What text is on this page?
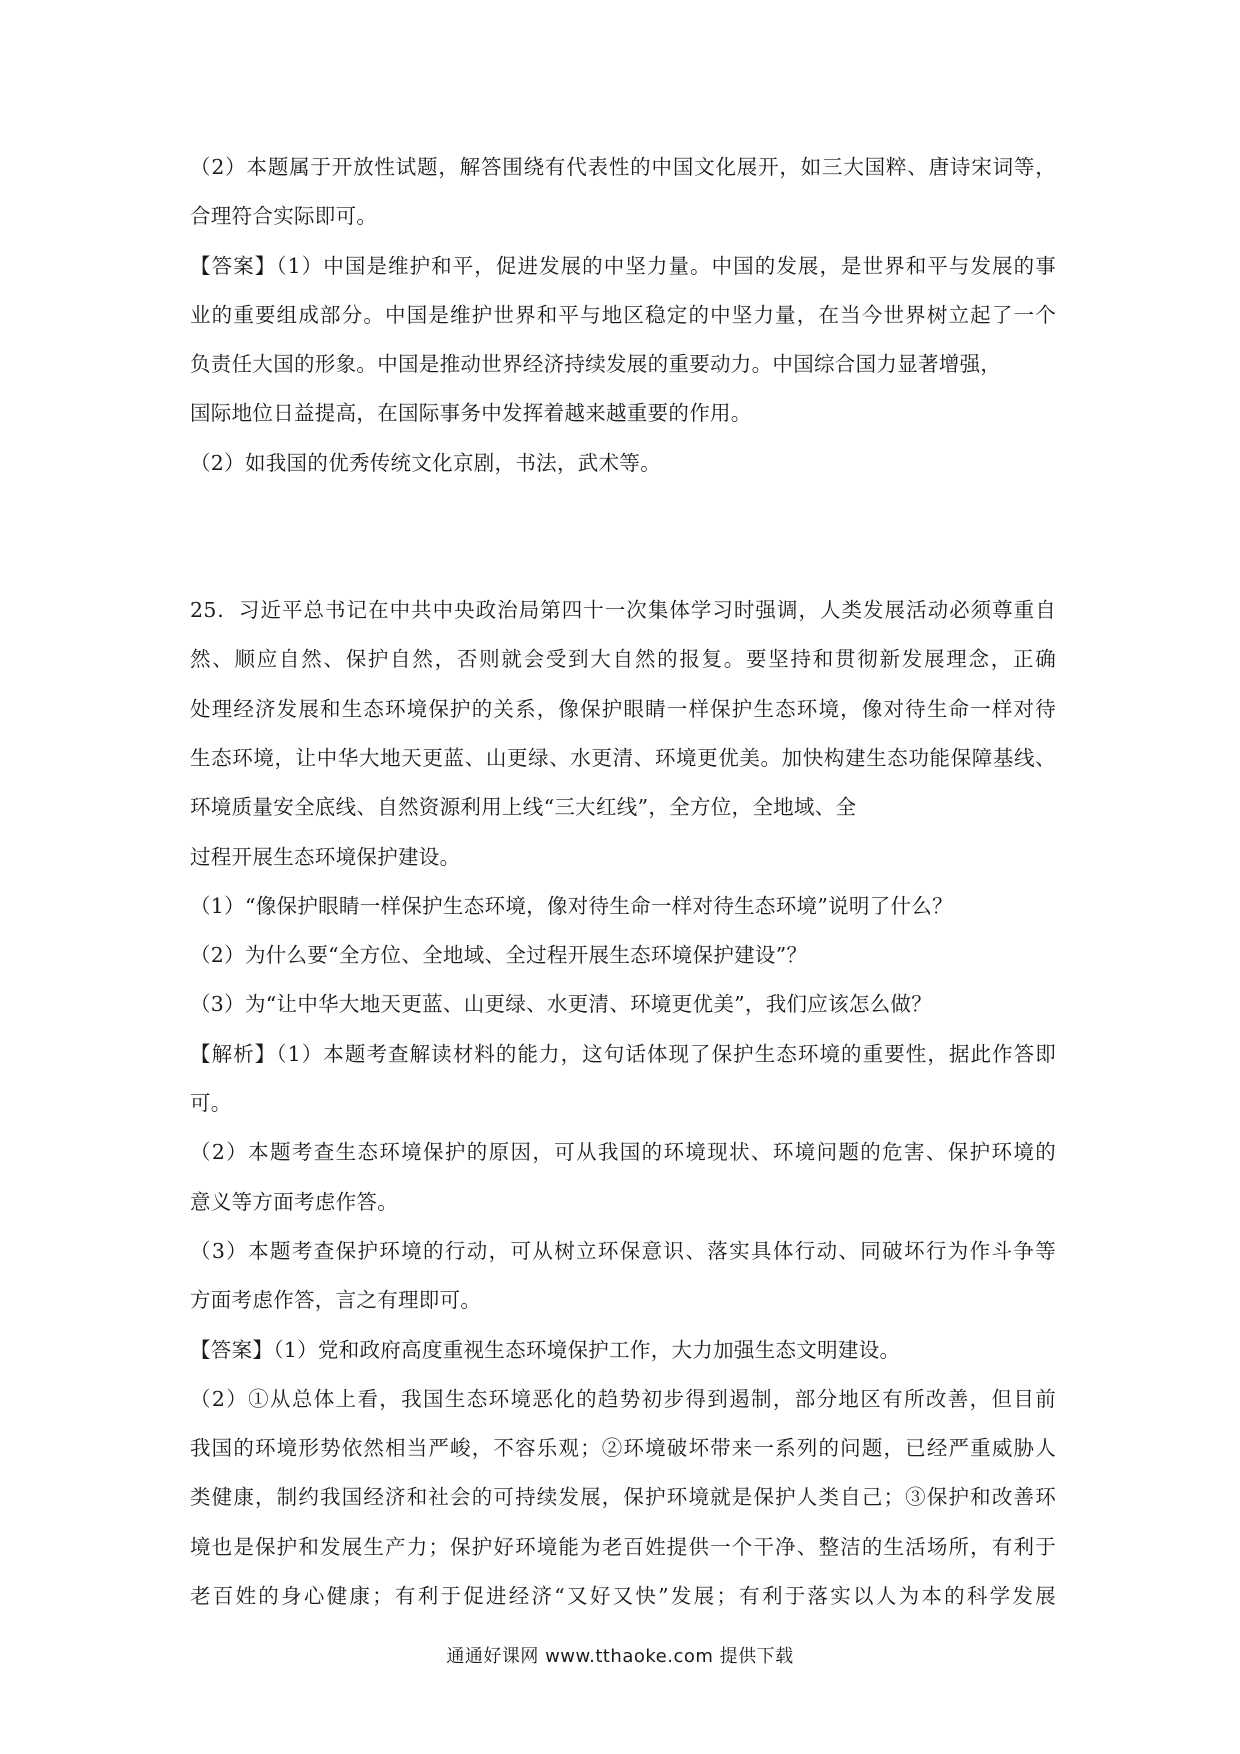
（2）本题属于开放性试题，解答围绕有代表性的中国文化展开，如三大国粹、唐诗宋词等，
合理符合实际即可。
【答案】（1）中国是维护和平，促进发展的中坚力量。中国的发展，是世界和平与发展的事
业的重要组成部分。中国是维护世界和平与地区稳定的中坚力量，在当今世界树立起了一个
负责任大国的形象。中国是推动世界经济持续发展的重要动力。中国综合国力显著增强，
国际地位日益提高，在国际事务中发挥着越来越重要的作用。
（2）如我国的优秀传统文化京剧，书法，武术等。
25．习近平总书记在中共中央政治局第四十一次集体学习时强调，人类发展活动必须尊重自
然、顺应自然、保护自然，否则就会受到大自然的报复。要坚持和贯彻新发展理念，正确
处理经济发展和生态环境保护的关系，像保护眼睛一样保护生态环境，像对待生命一样对待
生态环境，让中华大地天更蓝、山更绿、水更清、环境更优美。加快构建生态功能保障基线、
环境质量安全底线、自然资源利用上线“三大红线”，全方位，全地域、全
过程开展生态环境保护建设。
（1）“像保护眼睛一样保护生态环境，像对待生命一样对待生态环境”说明了什么？
（2）为什么要“全方位、全地域、全过程开展生态环境保护建设”？
（3）为“让中华大地天更蓝、山更绿、水更清、环境更优美”，我们应该怎么做？
【解析】（1）本题考查解读材料的能力，这句话体现了保护生态环境的重要性，据此作答即
可。
（2）本题考查生态环境保护的原因，可从我国的环境现状、环境问题的危害、保护环境的
意义等方面考虑作答。
（3）本题考查保护环境的行动，可从树立环保意识、落实具体行动、同破坏行为作斗争等
方面考虑作答，言之有理即可。
【答案】（1）党和政府高度重视生态环境保护工作，大力加强生态文明建设。
（2）①从总体上看，我国生态环境恶化的趋势初步得到遏制，部分地区有所改善，但目前
我国的环境形势依然相当严峻，不容乐观；②环境破坏带来一系列的问题，已经严重威胁人
类健康，制约我国经济和社会的可持续发展，保护环境就是保护人类自己；③保护和改善环
境也是保护和发展生产力；保护好环境能为老百姓提供一个干净、整洁的生活场所，有利于
老百姓的身心健康；有利于促进经济“又好又快”发展；有利于落实以人为本的科学发展
通通好课网 www.tthaoke.com 提供下载
